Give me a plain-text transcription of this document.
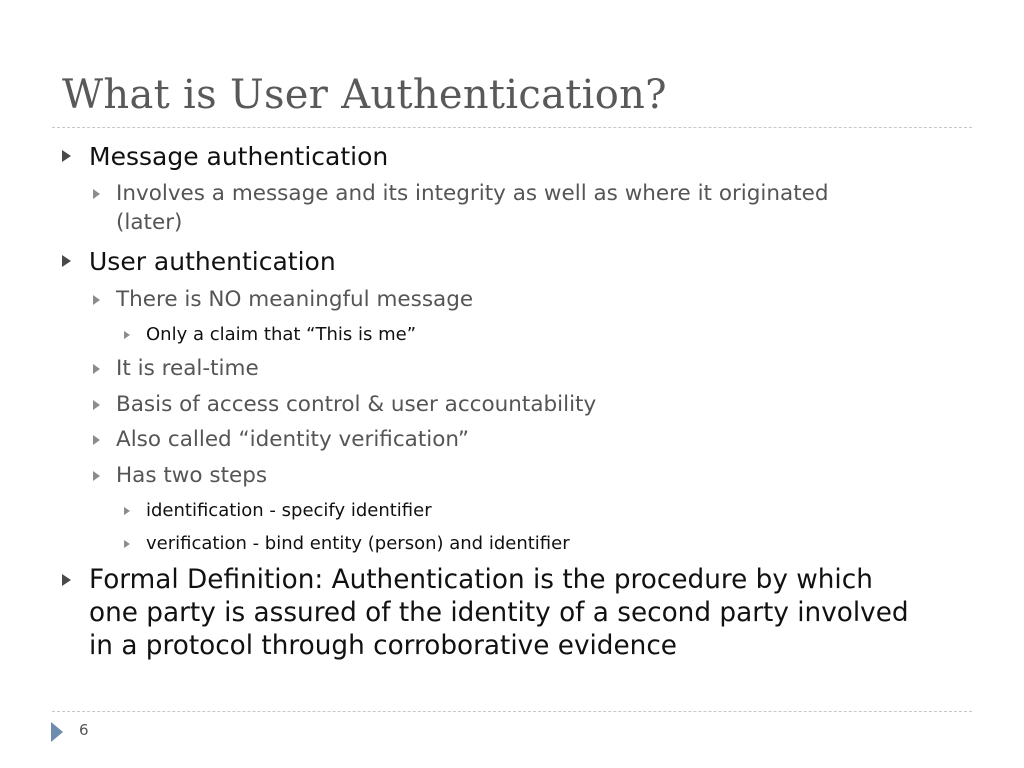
What is User Authentication?
Message authentication
Involves a message and its integrity as well as where it originated
(later)
User authentication
There is NO meaningful message
Only a claim that “This is me”
It is real-time
Basis of access control & user accountability
Also called “identity verification”
Has two steps
identification - specify identifier
verification - bind entity (person) and identifier
Formal Definition: Authentication is the procedure by which
one party is assured of the identity of a second party involved
in a protocol through corroborative evidence
6
